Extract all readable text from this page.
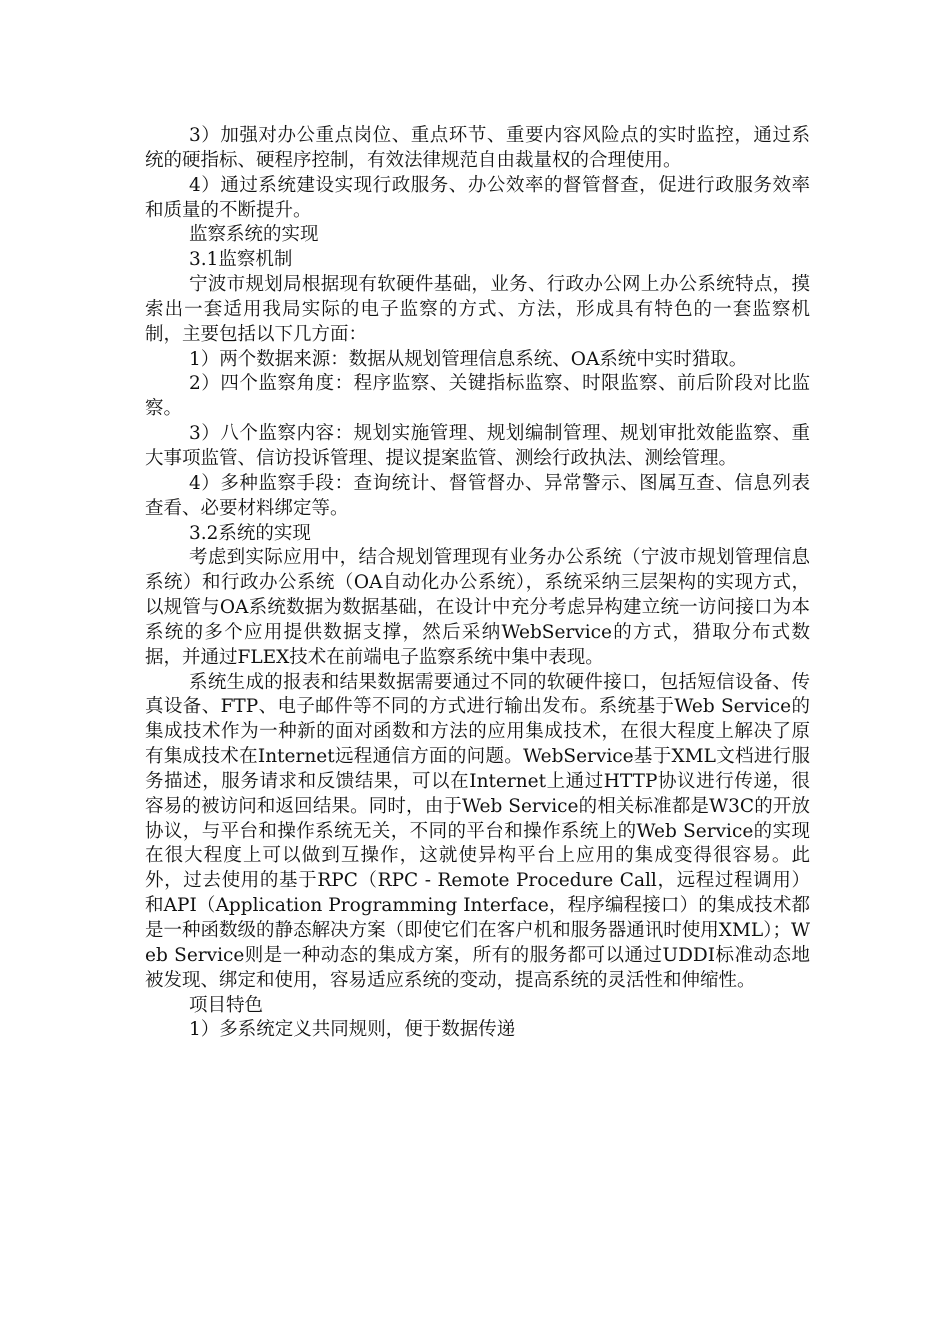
3）加强对办公重点岗位、重点环节、重要内容风险点的实时监控，通过系统的硬指标、硬程序控制，有效法律规范自由裁量权的合理使用。

4）通过系统建设实现行政服务、办公效率的督管督查，促进行政服务效率和质量的不断提升。

监察系统的实现

3.1监察机制

宁波市规划局根据现有软硬件基础，业务、行政办公网上办公系统特点，摸索出一套适用我局实际的电子监察的方式、方法，形成具有特色的一套监察机制，主要包括以下几方面：

1）两个数据来源：数据从规划管理信息系统、OA系统中实时猎取。

2）四个监察角度：程序监察、关键指标监察、时限监察、前后阶段对比监察。

3）八个监察内容：规划实施管理、规划编制管理、规划审批效能监察、重大事项监管、信访投诉管理、提议提案监管、测绘行政执法、测绘管理。

4）多种监察手段：查询统计、督管督办、异常警示、图属互查、信息列表查看、必要材料绑定等。

3.2系统的实现

考虑到实际应用中，结合规划管理现有业务办公系统（宁波市规划管理信息系统）和行政办公系统（OA自动化办公系统），系统采纳三层架构的实现方式，以规管与OA系统数据为数据基础，在设计中充分考虑异构建立统一访问接口为本系统的多个应用提供数据支撑，然后采纳WebService的方式，猎取分布式数据，并通过FLEX技术在前端电子监察系统中集中表现。

系统生成的报表和结果数据需要通过不同的软硬件接口，包括短信设备、传真设备、FTP、电子邮件等不同的方式进行输出发布。系统基于Web Service的集成技术作为一种新的面对函数和方法的应用集成技术，在很大程度上解决了原有集成技术在Internet远程通信方面的问题。WebService基于XML文档进行服务描述，服务请求和反馈结果，可以在Internet上通过HTTP协议进行传递，很容易的被访问和返回结果。同时，由于Web Service的相关标准都是W3C的开放协议，与平台和操作系统无关，不同的平台和操作系统上的Web Service的实现在很大程度上可以做到互操作，这就使异构平台上应用的集成变得很容易。此外，过去使用的基于RPC（RPC - Remote Procedure Call，远程过程调用）和API（Application Programming Interface，程序编程接口）的集成技术都是一种函数级的静态解决方案（即使它们在客户机和服务器通讯时使用XML）；Web Service则是一种动态的集成方案，所有的服务都可以通过UDDI标准动态地被发现、绑定和使用，容易适应系统的变动，提高系统的灵活性和伸缩性。

项目特色

1）多系统定义共同规则，便于数据传递
